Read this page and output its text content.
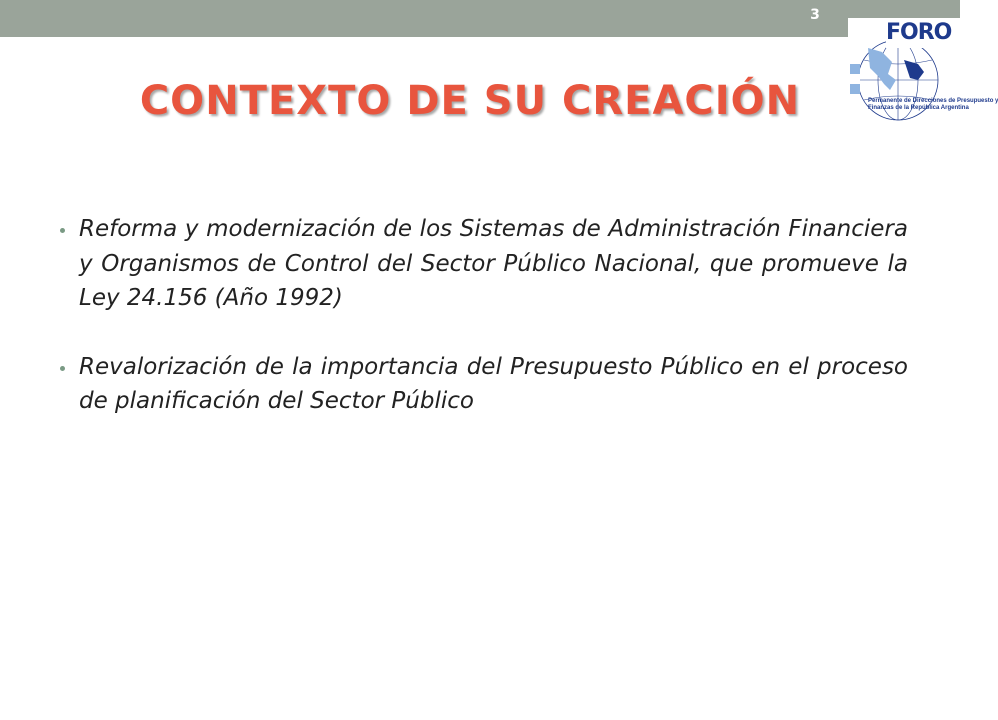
3
FORO
Permanente de Direcciones de Presupuesto y
Finanzas de la República Argentina
CONTEXTO DE SU CREACIÓN
Reforma y modernización de los Sistemas de Administración Financiera y Organismos de Control del Sector Público Nacional, que promueve la Ley 24.156 (Año 1992)
Revalorización de la importancia del Presupuesto Público en el proceso de planificación del Sector Público
